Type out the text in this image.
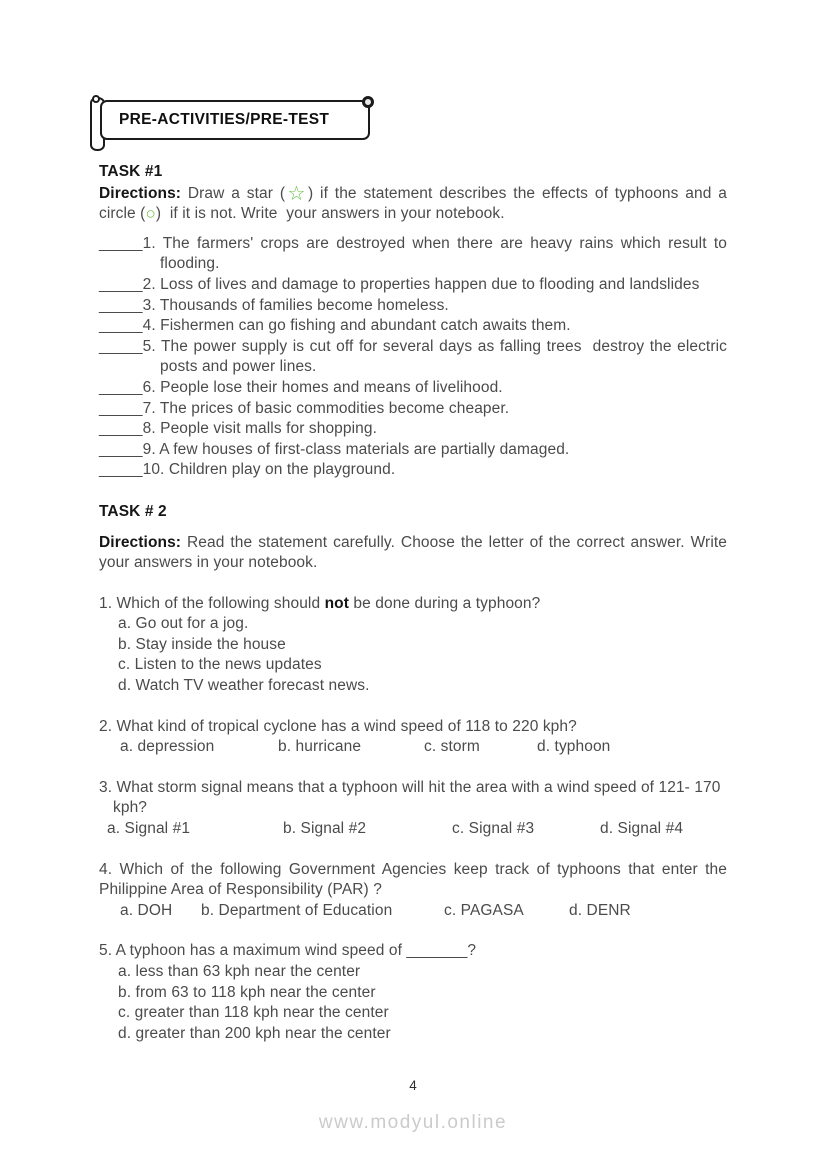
PRE-ACTIVITIES/PRE-TEST

TASK #1

Directions: Draw a star (☆) if the statement describes the effects of typhoons and a circle (○)  if it is not. Write  your answers in your notebook.

_____1. The farmers' crops are destroyed when there are heavy rains which result to flooding.

_____2. Loss of lives and damage to properties happen due to flooding and landslides

_____3. Thousands of families become homeless.

_____4. Fishermen can go fishing and abundant catch awaits them.

_____5. The power supply is cut off for several days as falling trees  destroy the electric posts and power lines.

_____6. People lose their homes and means of livelihood.

_____7. The prices of basic commodities become cheaper.

_____8. People visit malls for shopping.

_____9. A few houses of first-class materials are partially damaged.

_____10. Children play on the playground.

TASK # 2

Directions: Read the statement carefully. Choose the letter of the correct answer. Write your answers in your notebook.

1. Which of the following should not be done during a typhoon?

a. Go out for a jog.

b. Stay inside the house

c. Listen to the news updates

d. Watch TV weather forecast news.

2. What kind of tropical cyclone has a wind speed of 118 to 220 kph?

a. depression	b. hurricane	c. storm	d. typhoon

3. What storm signal means that a typhoon will hit the area with a wind speed of 121- 170 kph?

a. Signal #1	b. Signal #2	c. Signal #3	d. Signal #4

4. Which of the following Government Agencies keep track of typhoons that enter the Philippine Area of Responsibility (PAR) ?

a. DOH	b. Department of Education	c. PAGASA	d. DENR

5. A typhoon has a maximum wind speed of _______?

a. less than 63 kph near the center

b. from 63 to 118 kph near the center

c. greater than 118 kph near the center

d. greater than 200 kph near the center

4
www.modyul.online
